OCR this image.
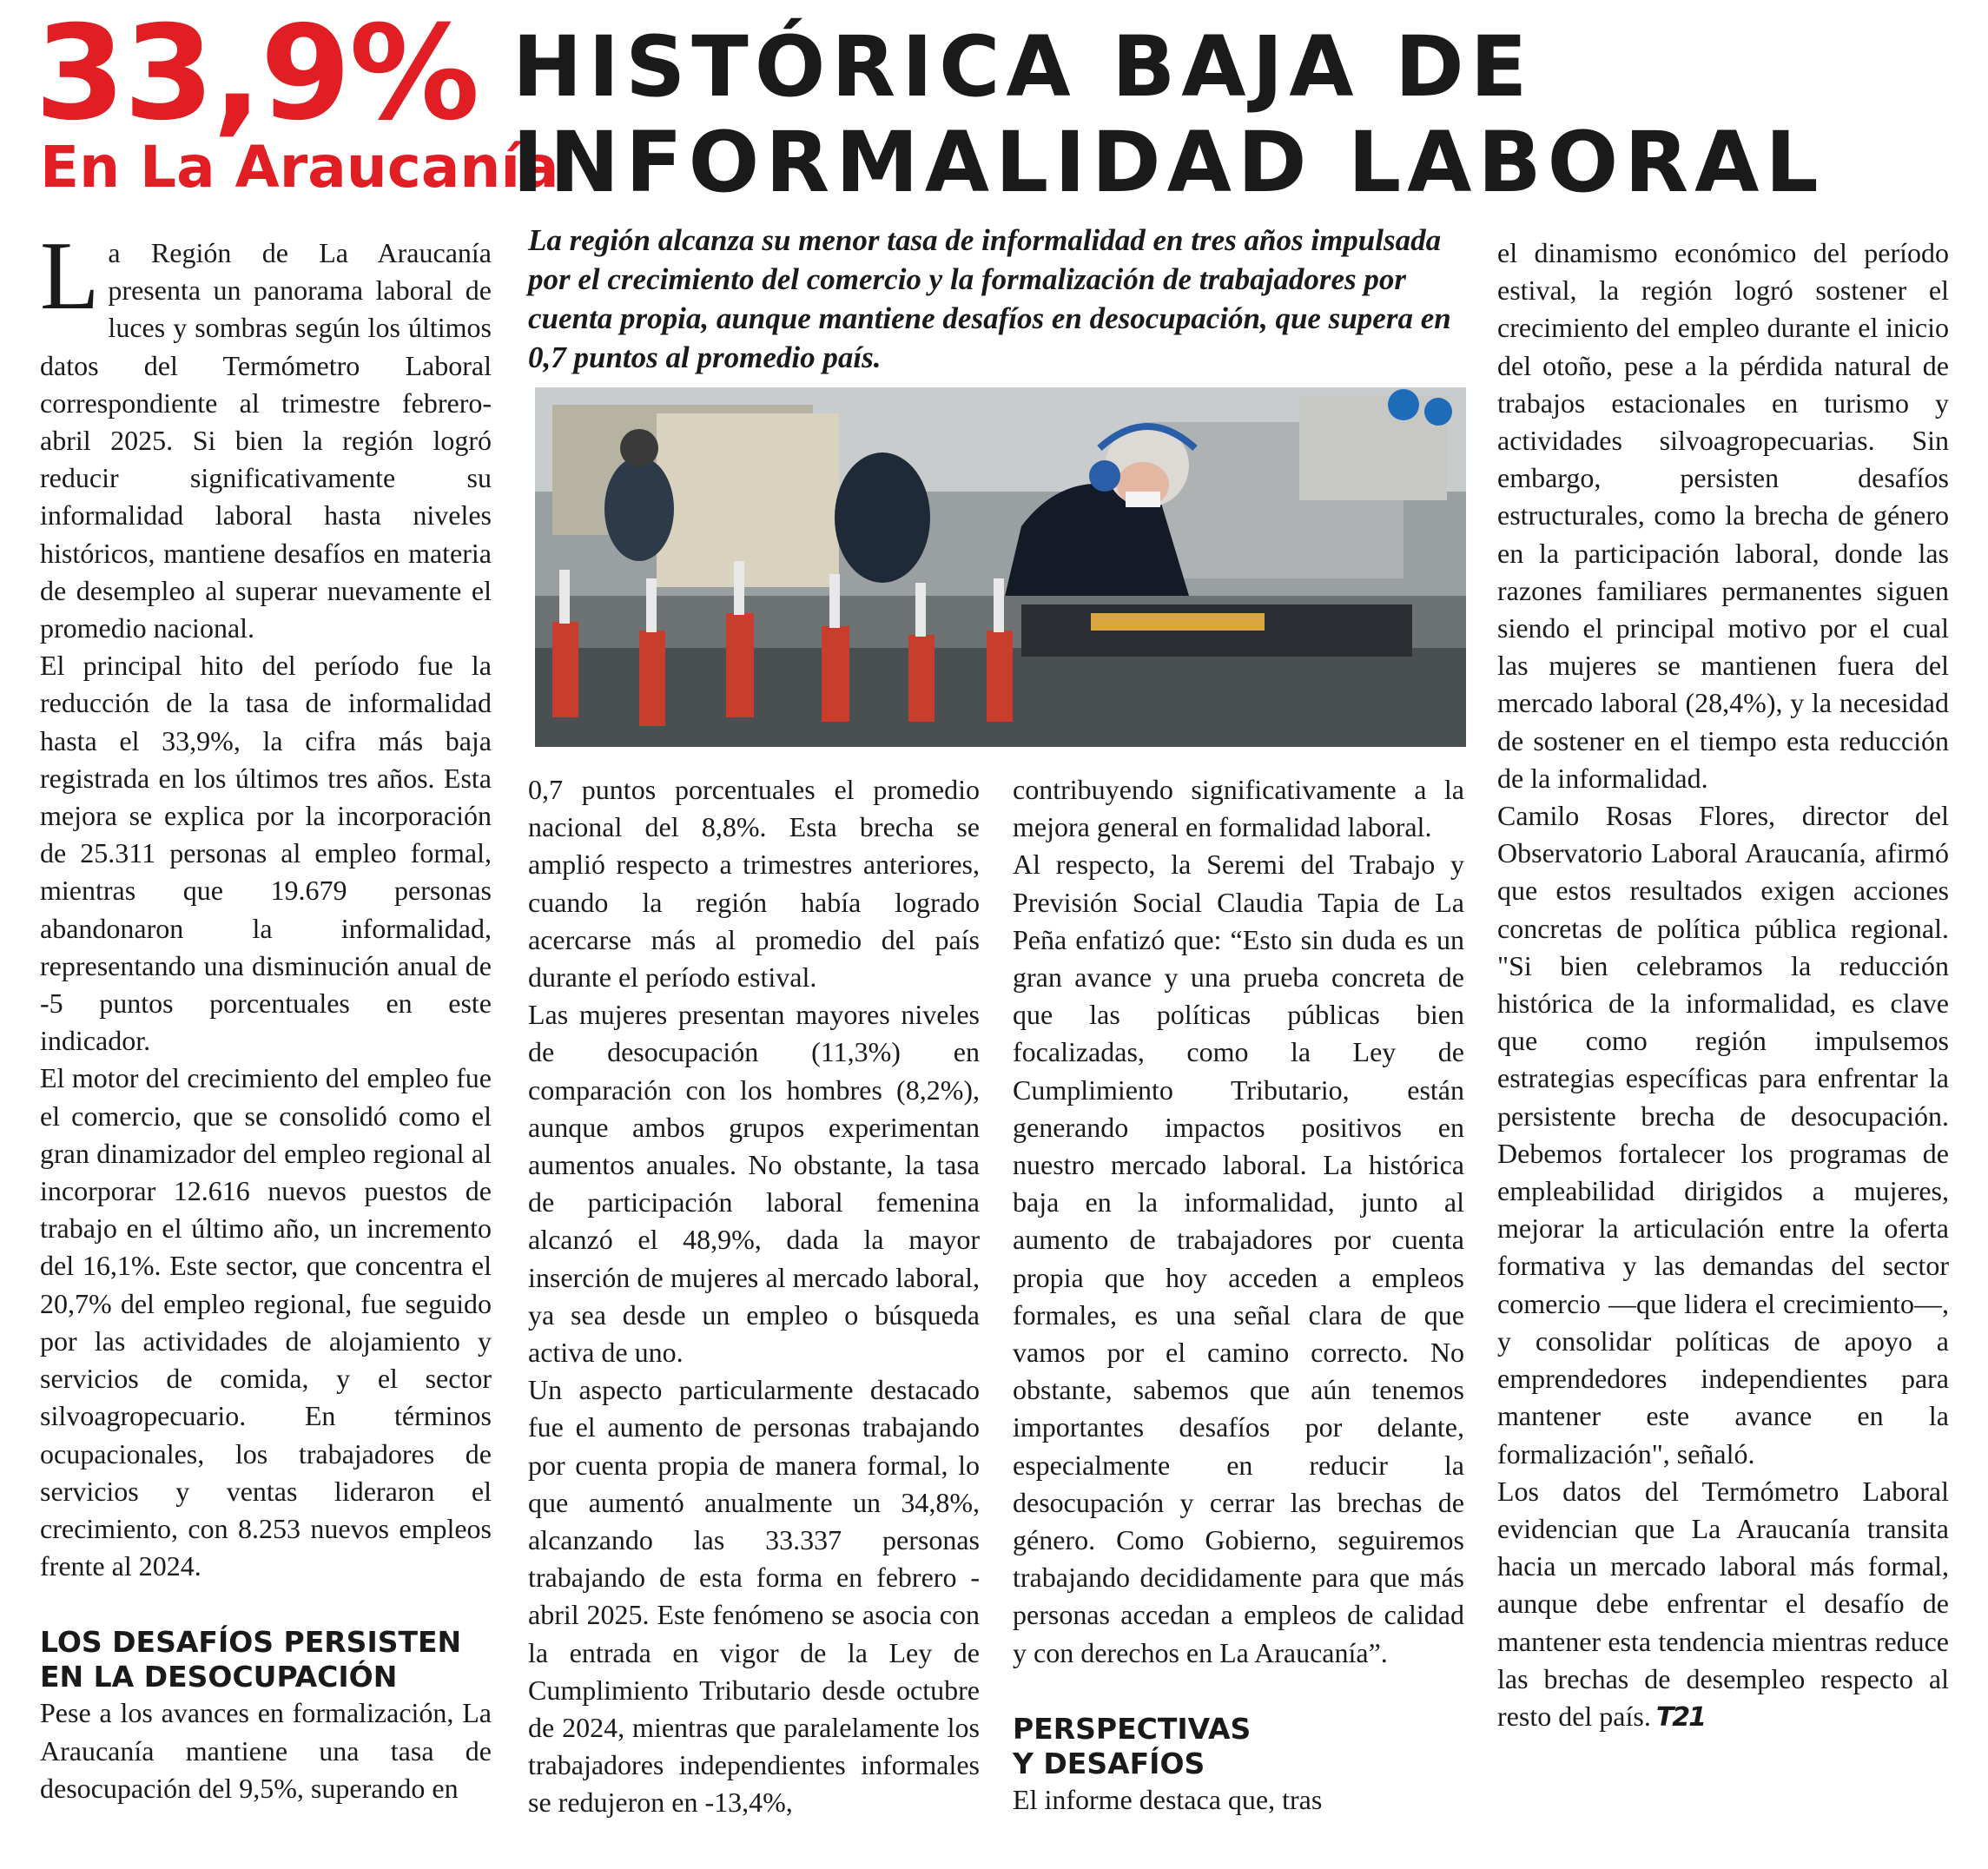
33,9%
En La Araucanía
HISTÓRICA BAJA DE
INFORMALIDAD LABORAL
La región alcanza su menor tasa de informalidad en tres años impulsada por el crecimiento del comercio y la formalización de trabajadores por cuenta propia, aunque mantiene desafíos en desocupación, que supera en 0,7 puntos al promedio país.

La Región de La Araucanía presenta un panorama laboral de luces y sombras según los últimos datos del Termómetro Laboral correspondiente al trimestre febrero-abril 2025. Si bien la región logró reducir significativamente su informalidad laboral hasta niveles históricos, mantiene desafíos en materia de desempleo al superar nuevamente el promedio nacional.

El principal hito del período fue la reducción de la tasa de informalidad hasta el 33,9%, la cifra más baja registrada en los últimos tres años. Esta mejora se explica por la incorporación de 25.311 personas al empleo formal, mientras que 19.679 personas abandonaron la informalidad, representando una disminución anual de -5 puntos porcentuales en este indicador.

El motor del crecimiento del empleo fue el comercio, que se consolidó como el gran dinamizador del empleo regional al incorporar 12.616 nuevos puestos de trabajo en el último año, un incremento del 16,1%. Este sector, que concentra el 20,7% del empleo regional, fue seguido por las actividades de alojamiento y servicios de comida, y el sector silvoagropecuario. En términos ocupacionales, los trabajadores de servicios y ventas lideraron el crecimiento, con 8.253 nuevos empleos frente al 2024.

LOS DESAFÍOS PERSISTEN
EN LA DESOCUPACIÓN

Pese a los avances en formalización, La Araucanía mantiene una tasa de desocupación del 9,5%, superando en

0,7 puntos porcentuales el promedio nacional del 8,8%. Esta brecha se amplió respecto a trimestres anteriores, cuando la región había logrado acercarse más al promedio del país durante el período estival.

Las mujeres presentan mayores niveles de desocupación (11,3%) en comparación con los hombres (8,2%), aunque ambos grupos experimentan aumentos anuales. No obstante, la tasa de participación laboral femenina alcanzó el 48,9%, dada la mayor inserción de mujeres al mercado laboral, ya sea desde un empleo o búsqueda activa de uno.

Un aspecto particularmente destacado fue el aumento de personas trabajando por cuenta propia de manera formal, lo que aumentó anualmente un 34,8%, alcanzando las 33.337 personas trabajando de esta forma en febrero - abril 2025. Este fenómeno se asocia con la entrada en vigor de la Ley de Cumplimiento Tributario desde octubre de 2024, mientras que paralelamente los trabajadores independientes informales se redujeron en -13,4%,

contribuyendo significativamente a la mejora general en formalidad laboral.

Al respecto, la Seremi del Trabajo y Previsión Social Claudia Tapia de La Peña enfatizó que: “Esto sin duda es un gran avance y una prueba concreta de que las políticas públicas bien focalizadas, como la Ley de Cumplimiento Tributario, están generando impactos positivos en nuestro mercado laboral. La histórica baja en la informalidad, junto al aumento de trabajadores por cuenta propia que hoy acceden a empleos formales, es una señal clara de que vamos por el camino correcto. No obstante, sabemos que aún tenemos importantes desafíos por delante, especialmente en reducir la desocupación y cerrar las brechas de género. Como Gobierno, seguiremos trabajando decididamente para que más personas accedan a empleos de calidad y con derechos en La Araucanía”.

PERSPECTIVAS
Y DESAFÍOS

El informe destaca que, tras

el dinamismo económico del período estival, la región logró sostener el crecimiento del empleo durante el inicio del otoño, pese a la pérdida natural de trabajos estacionales en turismo y actividades silvoagropecuarias. Sin embargo, persisten desafíos estructurales, como la brecha de género en la participación laboral, donde las razones familiares permanentes siguen siendo el principal motivo por el cual las mujeres se mantienen fuera del mercado laboral (28,4%), y la necesidad de sostener en el tiempo esta reducción de la informalidad.

Camilo Rosas Flores, director del Observatorio Laboral Araucanía, afirmó que estos resultados exigen acciones concretas de política pública regional. "Si bien celebramos la reducción histórica de la informalidad, es clave que como región impulsemos estrategias específicas para enfrentar la persistente brecha de desocupación. Debemos fortalecer los programas de empleabilidad dirigidos a mujeres, mejorar la articulación entre la oferta formativa y las demandas del sector comercio —que lidera el crecimiento—, y consolidar políticas de apoyo a emprendedores independientes para mantener este avance en la formalización", señaló.

Los datos del Termómetro Laboral evidencian que La Araucanía transita hacia un mercado laboral más formal, aunque debe enfrentar el desafío de mantener esta tendencia mientras reduce las brechas de desempleo respecto al resto del país. T21
